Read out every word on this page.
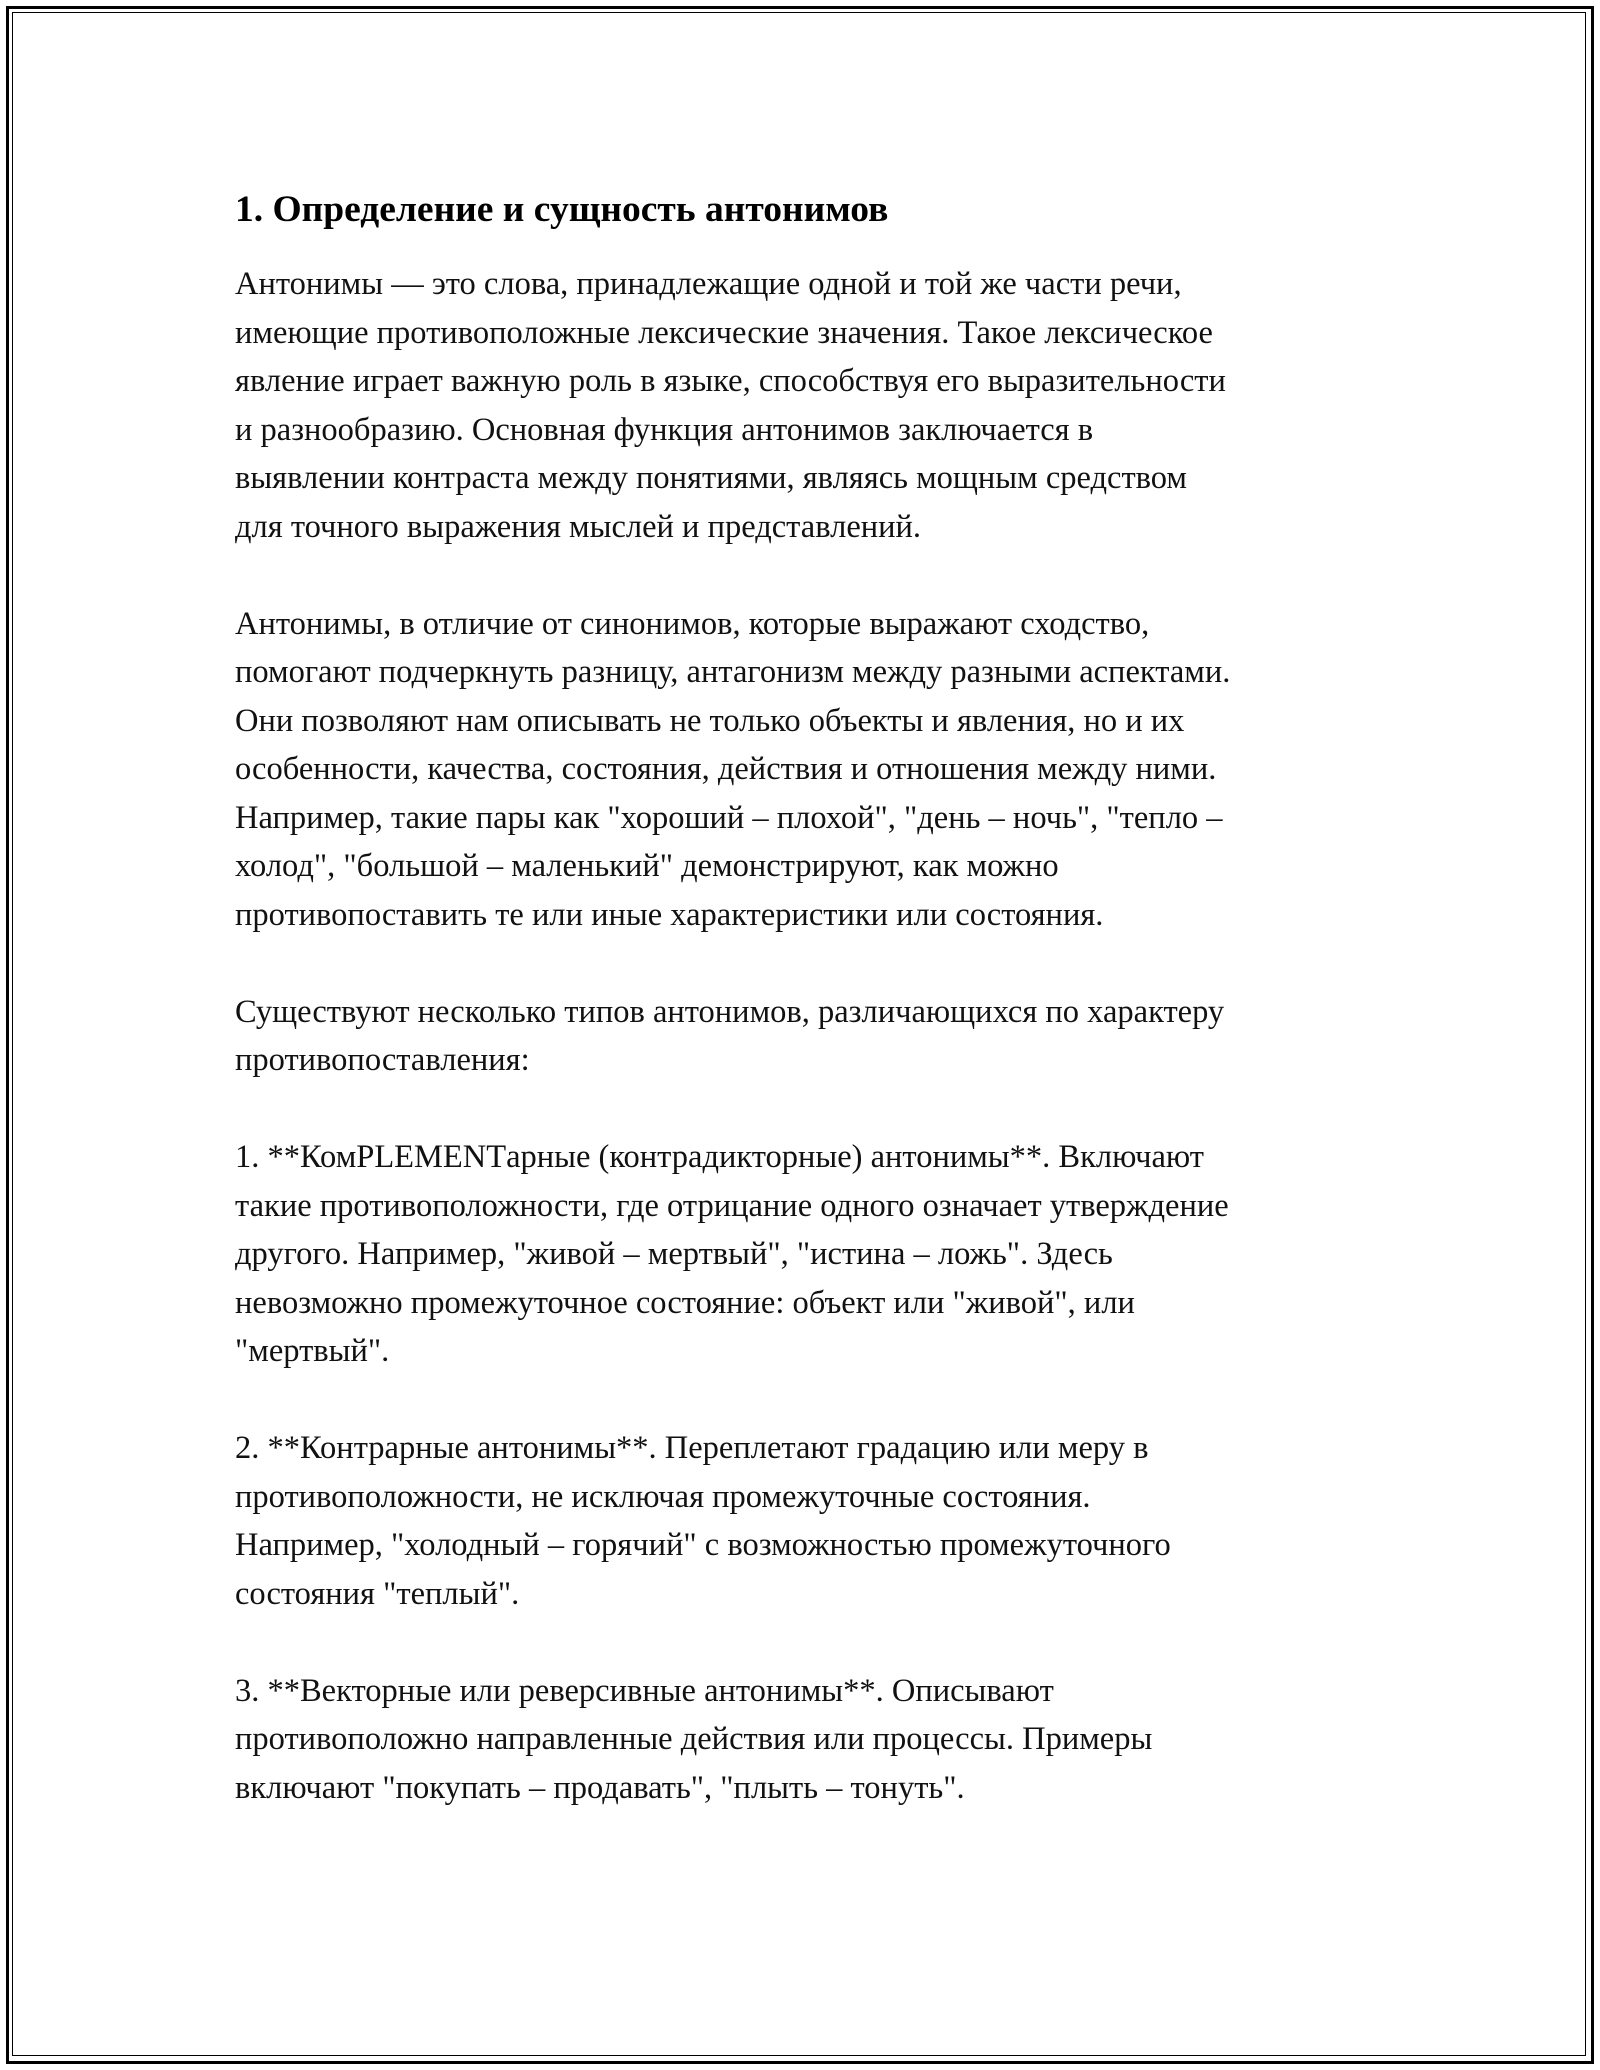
1. Определение и сущность антонимов

Антонимы — это слова, принадлежащие одной и той же части речи,
имеющие противоположные лексические значения. Такое лексическое
явление играет важную роль в языке, способствуя его выразительности
и разнообразию. Основная функция антонимов заключается в
выявлении контраста между понятиями, являясь мощным средством
для точного выражения мыслей и представлений.

Антонимы, в отличие от синонимов, которые выражают сходство,
помогают подчеркнуть разницу, антагонизм между разными аспектами.
Они позволяют нам описывать не только объекты и явления, но и их
особенности, качества, состояния, действия и отношения между ними.
Например, такие пары как "хороший – плохой", "день – ночь", "тепло –
холод", "большой – маленький" демонстрируют, как можно
противопоставить те или иные характеристики или состояния.

Существуют несколько типов антонимов, различающихся по характеру
противопоставления:

1. **КомPLEMENTарные (контрадикторные) антонимы**. Включают
такие противоположности, где отрицание одного означает утверждение
другого. Например, "живой – мертвый", "истина – ложь". Здесь
невозможно промежуточное состояние: объект или "живой", или
"мертвый".

2. **Контрарные антонимы**. Переплетают градацию или меру в
противоположности, не исключая промежуточные состояния.
Например, "холодный – горячий" с возможностью промежуточного
состояния "теплый".

3. **Векторные или реверсивные антонимы**. Описывают
противоположно направленные действия или процессы. Примеры
включают "покупать – продавать", "плыть – тонуть".
